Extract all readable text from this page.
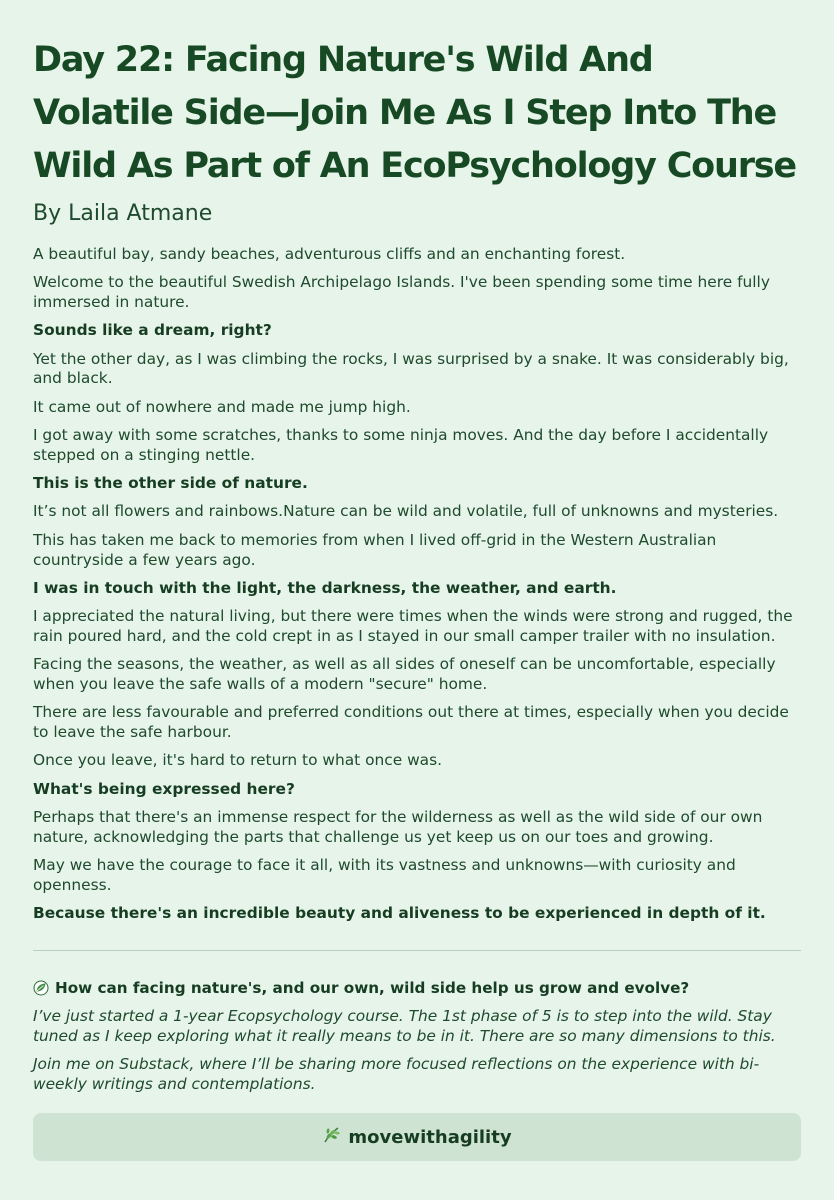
Day 22: Facing Nature's Wild And Volatile Side—Join Me As I Step Into The Wild As Part of An EcoPsychology Course
By Laila Atmane

A beautiful bay, sandy beaches, adventurous cliffs and an enchanting forest.

Welcome to the beautiful Swedish Archipelago Islands. I've been spending some time here fully immersed in nature.

Sounds like a dream, right?

Yet the other day, as I was climbing the rocks, I was surprised by a snake. It was considerably big, and black.

It came out of nowhere and made me jump high.

I got away with some scratches, thanks to some ninja moves. And the day before I accidentally stepped on a stinging nettle.

This is the other side of nature.

It’s not all flowers and rainbows.Nature can be wild and volatile, full of unknowns and mysteries.

This has taken me back to memories from when I lived off-grid in the Western Australian countryside a few years ago.

I was in touch with the light, the darkness, the weather, and earth.

I appreciated the natural living, but there were times when the winds were strong and rugged, the rain poured hard, and the cold crept in as I stayed in our small camper trailer with no insulation.

Facing the seasons, the weather, as well as all sides of oneself can be uncomfortable, especially when you leave the safe walls of a modern "secure" home.

There are less favourable and preferred conditions out there at times, especially when you decide to leave the safe harbour.

Once you leave, it's hard to return to what once was.

What's being expressed here?

Perhaps that there's an immense respect for the wilderness as well as the wild side of our own nature, acknowledging the parts that challenge us yet keep us on our toes and growing.

May we have the courage to face it all, with its vastness and unknowns—with curiosity and openness.

Because there's an incredible beauty and aliveness to be experienced in depth of it.

How can facing nature's, and our own, wild side help us grow and evolve?

I’ve just started a 1-year Ecopsychology course. The 1st phase of 5 is to step into the wild. Stay tuned as I keep exploring what it really means to be in it. There are so many dimensions to this.

Join me on Substack, where I’ll be sharing more focused reflections on the experience with bi-weekly writings and contemplations.

movewithagility
